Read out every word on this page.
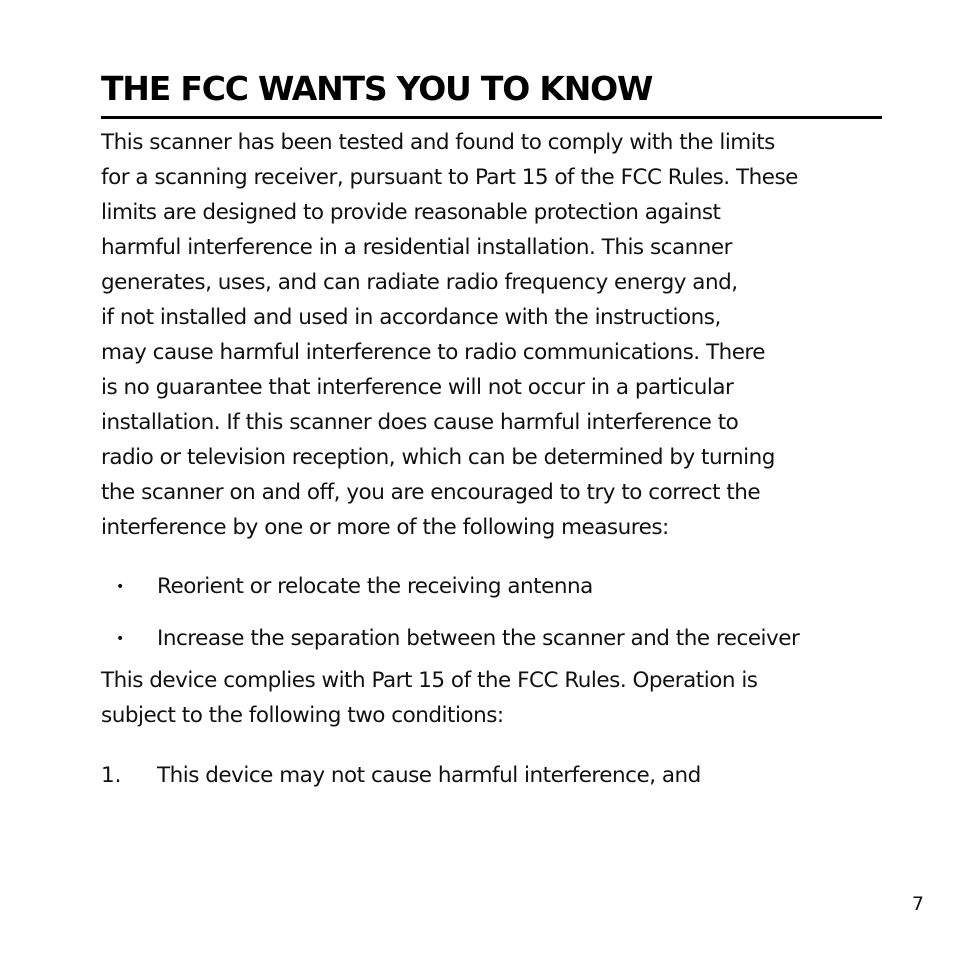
THE FCC WANTS YOU TO KNOW
This scanner has been tested and found to comply with the limits
for a scanning receiver, pursuant to Part 15 of the FCC Rules. These
limits are designed to provide reasonable protection against
harmful interference in a residential installation. This scanner
generates, uses, and can radiate radio frequency energy and,
if not installed and used in accordance with the instructions,
may cause harmful interference to radio communications. There
is no guarantee that interference will not occur in a particular
installation. If this scanner does cause harmful interference to
radio or television reception, which can be determined by turning
the scanner on and off, you are encouraged to try to correct the
interference by one or more of the following measures:
• Reorient or relocate the receiving antenna
• Increase the separation between the scanner and the receiver
This device complies with Part 15 of the FCC Rules. Operation is
subject to the following two conditions:
1. This device may not cause harmful interference, and
7
